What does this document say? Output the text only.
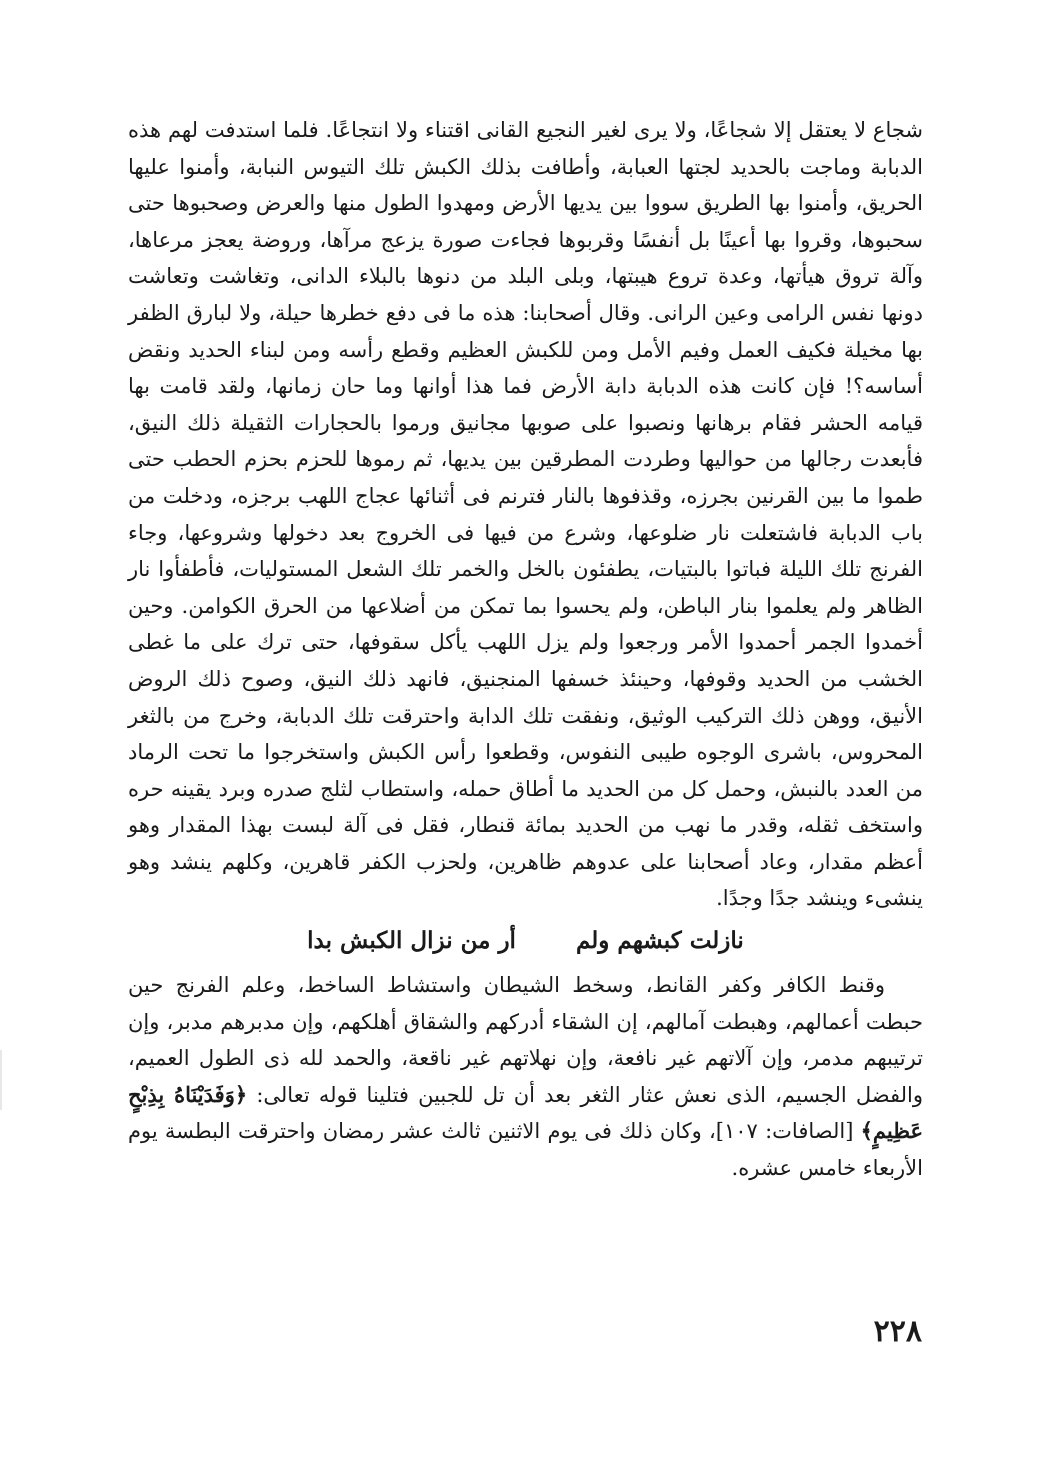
شجاع لا يعتقل إلا شجاعًا، ولا يرى لغير النجيع القانى اقتناء ولا انتجاعًا. فلما استدفت لهم هذه الدبابة وماجت بالحديد لجتها العبابة، وأطافت بذلك الكبش تلك التيوس النبابة، وأمنوا عليها الحريق، وأمنوا بها الطريق سووا بين يديها الأرض ومهدوا الطول منها والعرض وصحبوها حتى سحبوها، وقروا بها أعينًا بل أنفسًا وقربوها فجاءت صورة يزعج مرآها، وروضة يعجز مرعاها، وآلة تروق هيأتها، وعدة تروع هيبتها، وبلى البلد من دنوها بالبلاء الدانى، وتغاشت وتعاشت دونها نفس الرامى وعين الرانى. وقال أصحابنا: هذه ما فى دفع خطرها حيلة، ولا لبارق الظفر بها مخيلة فكيف العمل وفيم الأمل ومن للكبش العظيم وقطع رأسه ومن لبناء الحديد ونقض أساسه؟! فإن كانت هذه الدبابة دابة الأرض فما هذا أوانها وما حان زمانها، ولقد قامت بها قيامه الحشر فقام برهانها ونصبوا على صوبها مجانيق ورموا بالحجارات الثقيلة ذلك النيق، فأبعدت رجالها من حواليها وطردت المطرقين بين يديها، ثم رموها للحزم بحزم الحطب حتى طموا ما بين القرنين بجرزه، وقذفوها بالنار فترنم فى أثنائها عجاج اللهب برجزه، ودخلت من باب الدبابة فاشتعلت نار ضلوعها، وشرع من فيها فى الخروج بعد دخولها وشروعها، وجاء الفرنج تلك الليلة فباتوا بالبتيات، يطفئون بالخل والخمر تلك الشعل المستوليات، فأطفأوا نار الظاهر ولم يعلموا بنار الباطن، ولم يحسوا بما تمكن من أضلاعها من الحرق الكوامن. وحين أخمدوا الجمر أحمدوا الأمر ورجعوا ولم يزل اللهب يأكل سقوفها، حتى ترك على ما غطى الخشب من الحديد وقوفها، وحينئذ خسفها المنجنيق، فانهد ذلك النيق، وصوح ذلك الروض الأنيق، ووهن ذلك التركيب الوثيق، ونفقت تلك الدابة واحترقت تلك الدبابة، وخرج من بالثغر المحروس، باشرى الوجوه طيبى النفوس، وقطعوا رأس الكبش واستخرجوا ما تحت الرماد من العدد بالنبش، وحمل كل من الحديد ما أطاق حمله، واستطاب لثلج صدره وبرد يقينه حره واستخف ثقله، وقدر ما نهب من الحديد بمائة قنطار، فقل فى آلة لبست بهذا المقدار وهو أعظم مقدار، وعاد أصحابنا على عدوهم ظاهرين، ولحزب الكفر قاهرين، وكلهم ينشد وهو ينشىء وينشد جدًا وجدًا.

نازلت كبشهم ولم
أر من نزال الكبش بدا

وقنط الكافر وكفر القانط، وسخط الشيطان واستشاط الساخط، وعلم الفرنج حين حبطت أعمالهم، وهبطت آمالهم، إن الشقاء أدركهم والشقاق أهلكهم، وإن مدبرهم مدبر، وإن ترتيبهم مدمر، وإن آلاتهم غير نافعة، وإن نهلاتهم غير ناقعة، والحمد لله ذى الطول العميم، والفضل الجسيم، الذى نعش عثار الثغر بعد أن تل للجبين فتلينا قوله تعالى: ﴿وَفَدَيْنَاهُ بِذِبْحٍ عَظِيمٍ﴾ [الصافات: ١٠٧]، وكان ذلك فى يوم الاثنين ثالث عشر رمضان واحترقت البطسة يوم الأربعاء خامس عشره.

٢٢٨
